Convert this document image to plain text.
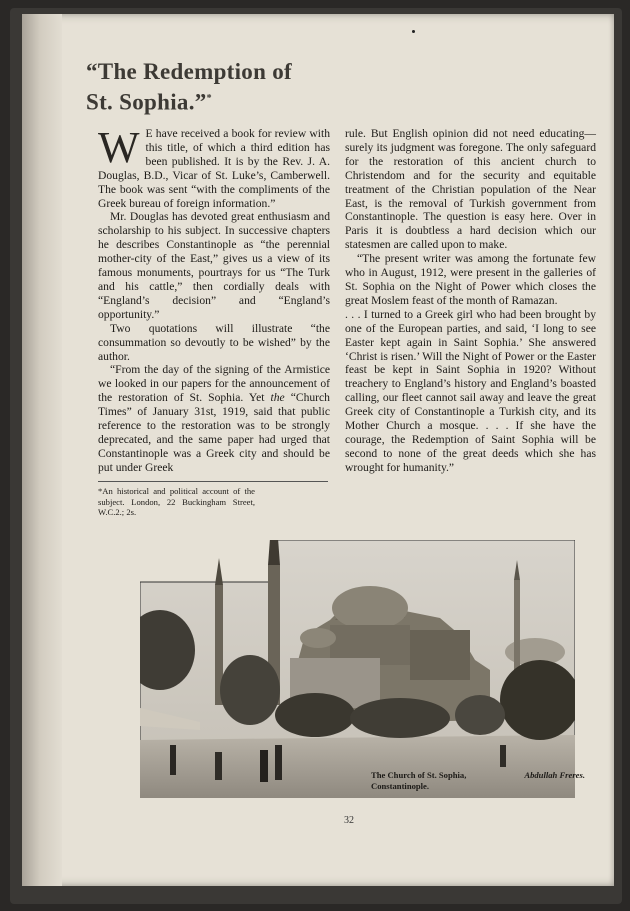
“The Redemption of
St. Sophia.”*

W E have received a book for review with this title, of which a third edition has been published. It is by the Rev. J. A. Douglas, B.D., Vicar of St. Luke’s, Camberwell. The book was sent “with the compliments of the Greek bureau of foreign information.”

Mr. Douglas has devoted great enthusiasm and scholarship to his subject. In successive chapters he describes Constantinople as “the perennial mother-city of the East,” gives us a view of its famous monuments, pourtrays for us “The Turk and his cattle,” then cordially deals with “England’s decision” and “England’s opportunity.”

Two quotations will illustrate “the consummation so devoutly to be wished” by the author.

“From the day of the signing of the Armistice we looked in our papers for the announcement of the restoration of St. Sophia. Yet the “Church Times” of January 31st, 1919, said that public reference to the restoration was to be strongly deprecated, and the same paper had urged that Constantinople was a Greek city and should be put under Greek

rule. But English opinion did not need educating—surely its judgment was foregone. The only safeguard for the restoration of this ancient church to Christendom and for the security and equitable treatment of the Christian population of the Near East, is the removal of Turkish government from Constantinople. The question is easy here. Over in Paris it is doubtless a hard decision which our statesmen are called upon to make.

“The present writer was among the fortunate few who in August, 1912, were present in the galleries of St. Sophia on the Night of Power which closes the great Moslem feast of the month of Ramazan.

. . . I turned to a Greek girl who had been brought by one of the European parties, and said, ‘I long to see Easter kept again in Saint Sophia.’ She answered ‘Christ is risen.’ Will the Night of Power or the Easter feast be kept in Saint Sophia in 1920? Without treachery to England’s history and England’s boasted calling, our fleet cannot sail away and leave the great Greek city of Constantinople a Turkish city, and its Mother Church a mosque. . . . If she have the courage, the Redemption of Saint Sophia will be second to none of the great deeds which she has wrought for humanity.”

*An historical and political account of the subject. London, 22 Buckingham Street, W.C.2.; 2s.
The Church of St. Sophia, Constantinople.
Abdullah Freres.
32
